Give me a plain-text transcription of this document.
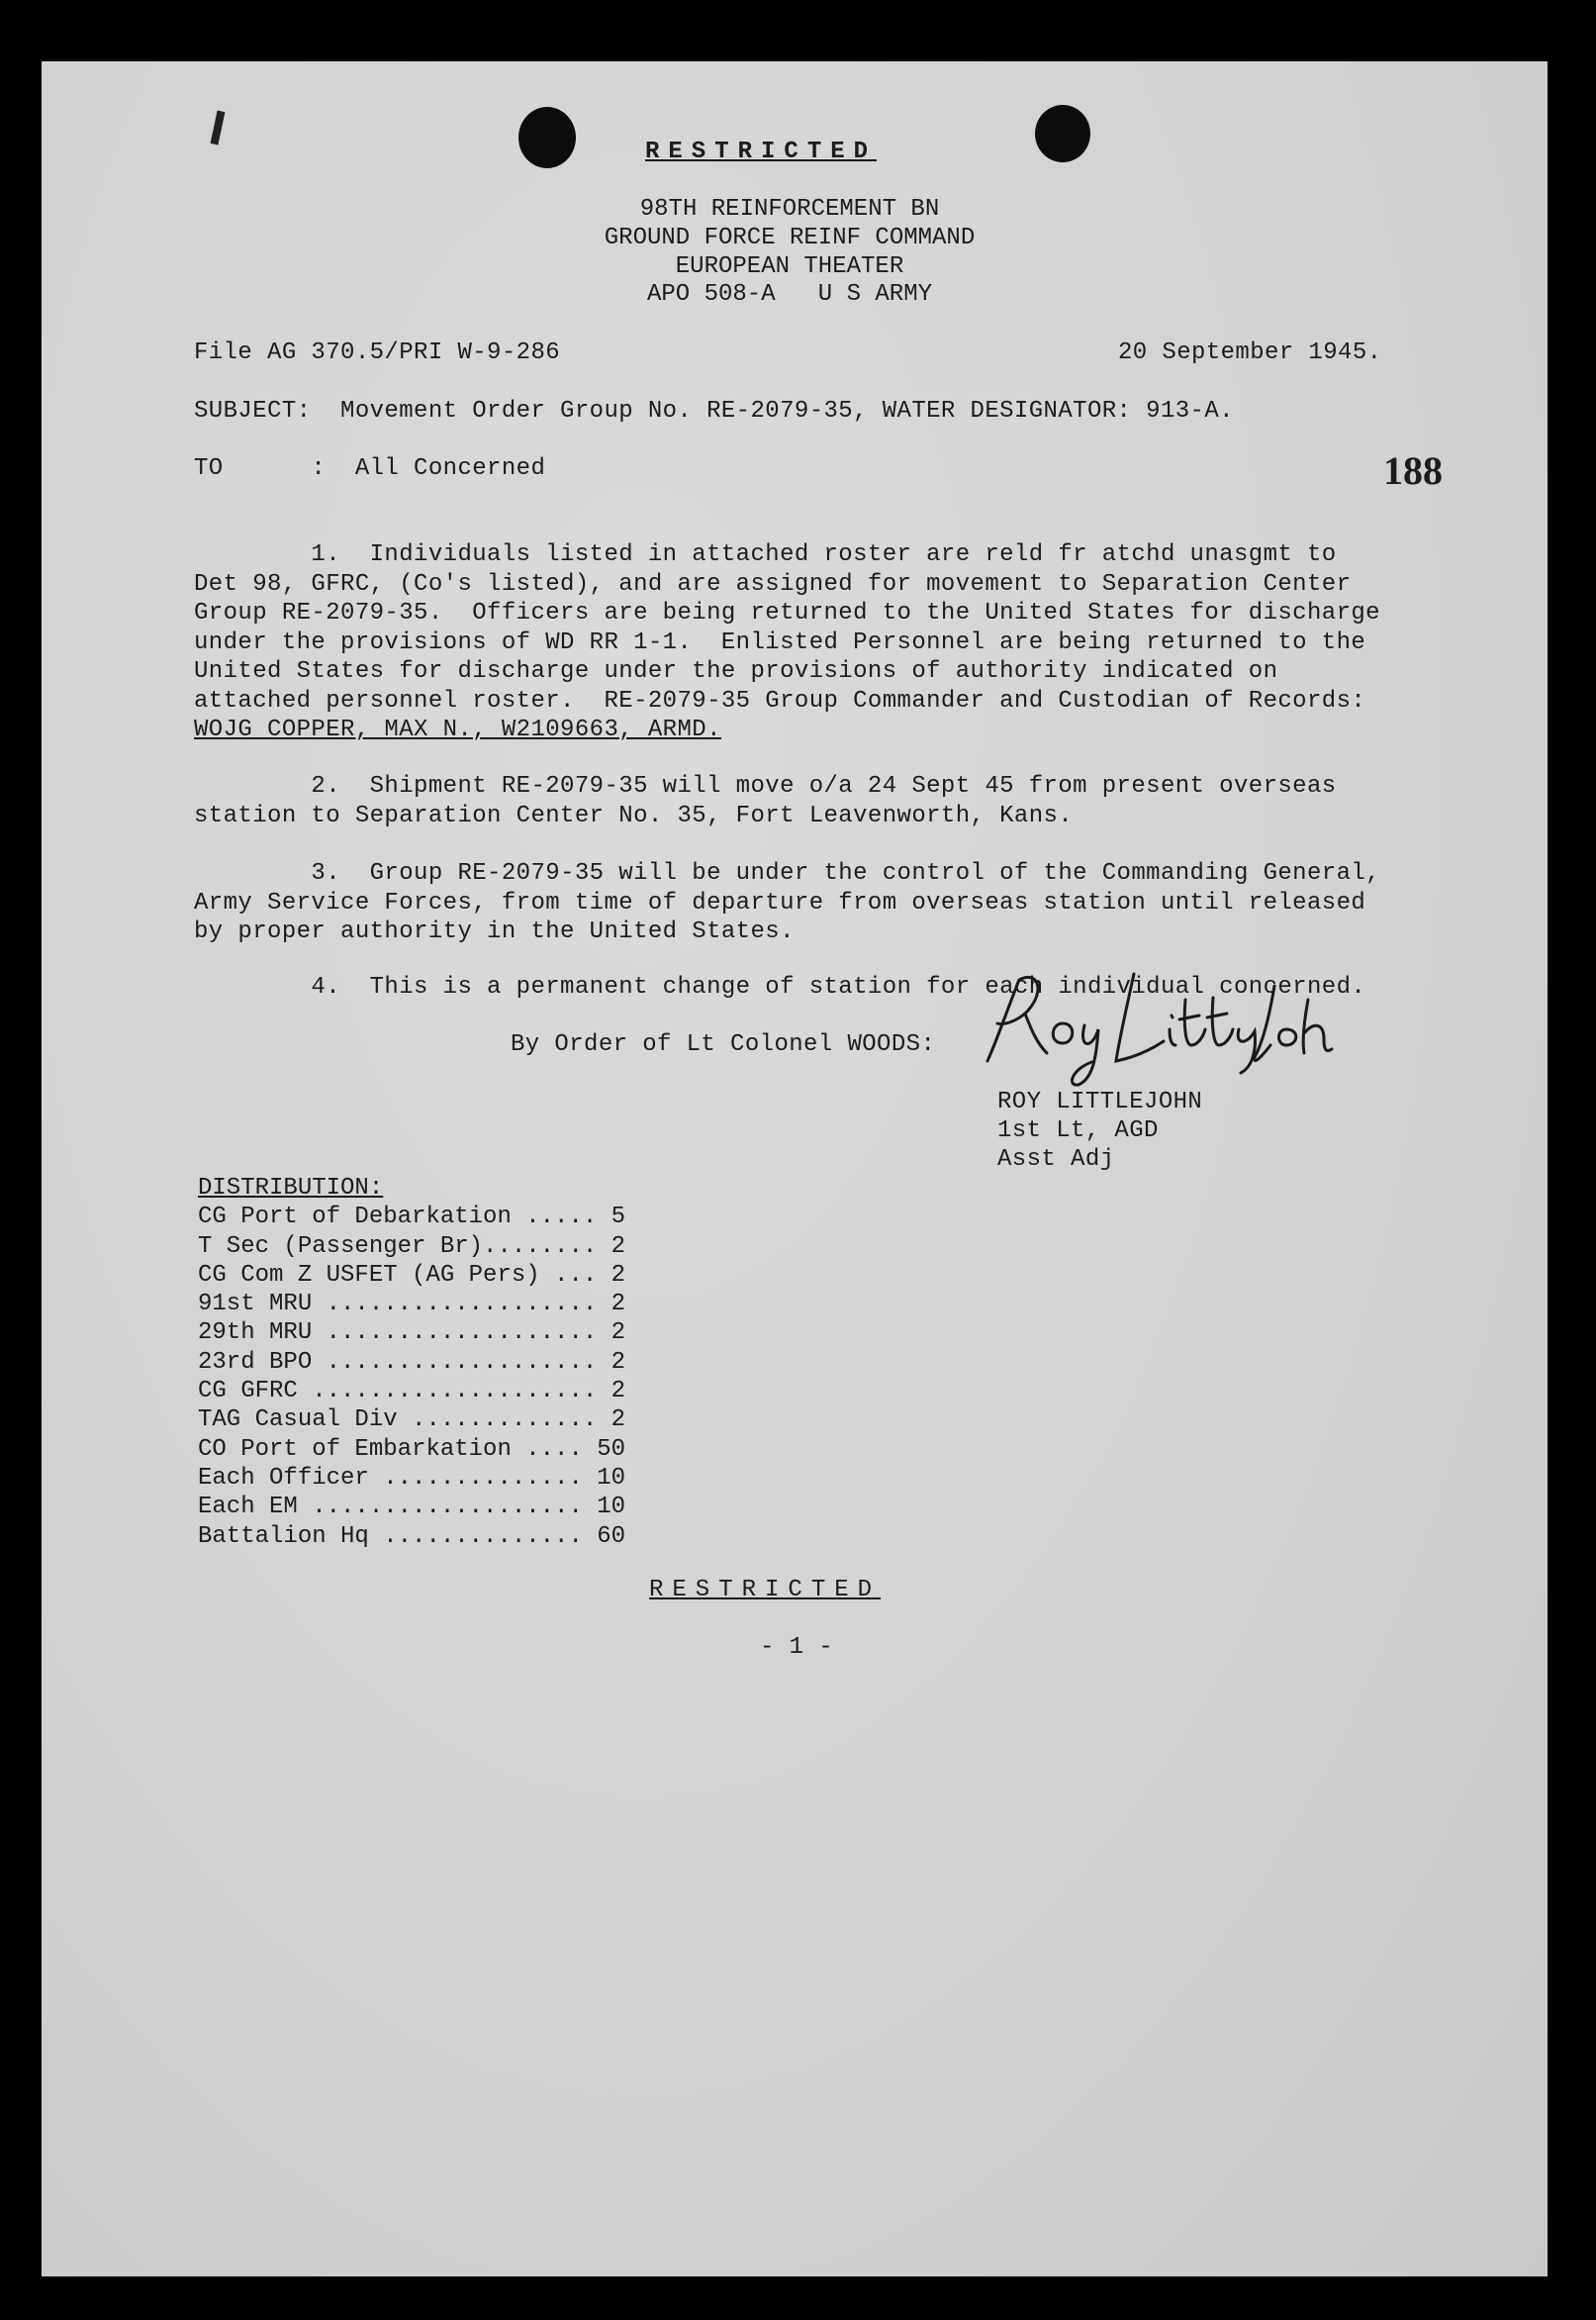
RESTRICTED
98TH REINFORCEMENT BN
GROUND FORCE REINF COMMAND
EUROPEAN THEATER
APO 508-A   U S ARMY
File AG 370.5/PRI W-9-286	20 September 1945.
SUBJECT:  Movement Order Group No. RE-2079-35, WATER DESIGNATOR: 913-A.
TO      :  All Concerned	188
1.  Individuals listed in attached roster are reld fr atchd unasgmt to
Det 98, GFRC, (Co's listed), and are assigned for movement to Separation Center
Group RE-2079-35.  Officers are being returned to the United States for discharge
under the provisions of WD RR 1-1.  Enlisted Personnel are being returned to the
United States for discharge under the provisions of authority indicated on
attached personnel roster.  RE-2079-35 Group Commander and Custodian of Records:
WOJG COPPER, MAX N., W2109663, ARMD.
2.  Shipment RE-2079-35 will move o/a 24 Sept 45 from present overseas
station to Separation Center No. 35, Fort Leavenworth, Kans.
3.  Group RE-2079-35 will be under the control of the Commanding General,
Army Service Forces, from time of departure from overseas station until released
by proper authority in the United States.
4.  This is a permanent change of station for each individual concerned.
By Order of Lt Colonel WOODS:
ROY LITTLEJOHN
1st Lt, AGD
Asst Adj
DISTRIBUTION:
CG Port of Debarkation ..... 5
T Sec (Passenger Br)........ 2
CG Com Z USFET (AG Pers) ... 2
91st MRU ................... 2
29th MRU ................... 2
23rd BPO ................... 2
CG GFRC .................... 2
TAG Casual Div ............. 2
CO Port of Embarkation .... 50
Each Officer .............. 10
Each EM ................... 10
Battalion Hq .............. 60
RESTRICTED
- 1 -
